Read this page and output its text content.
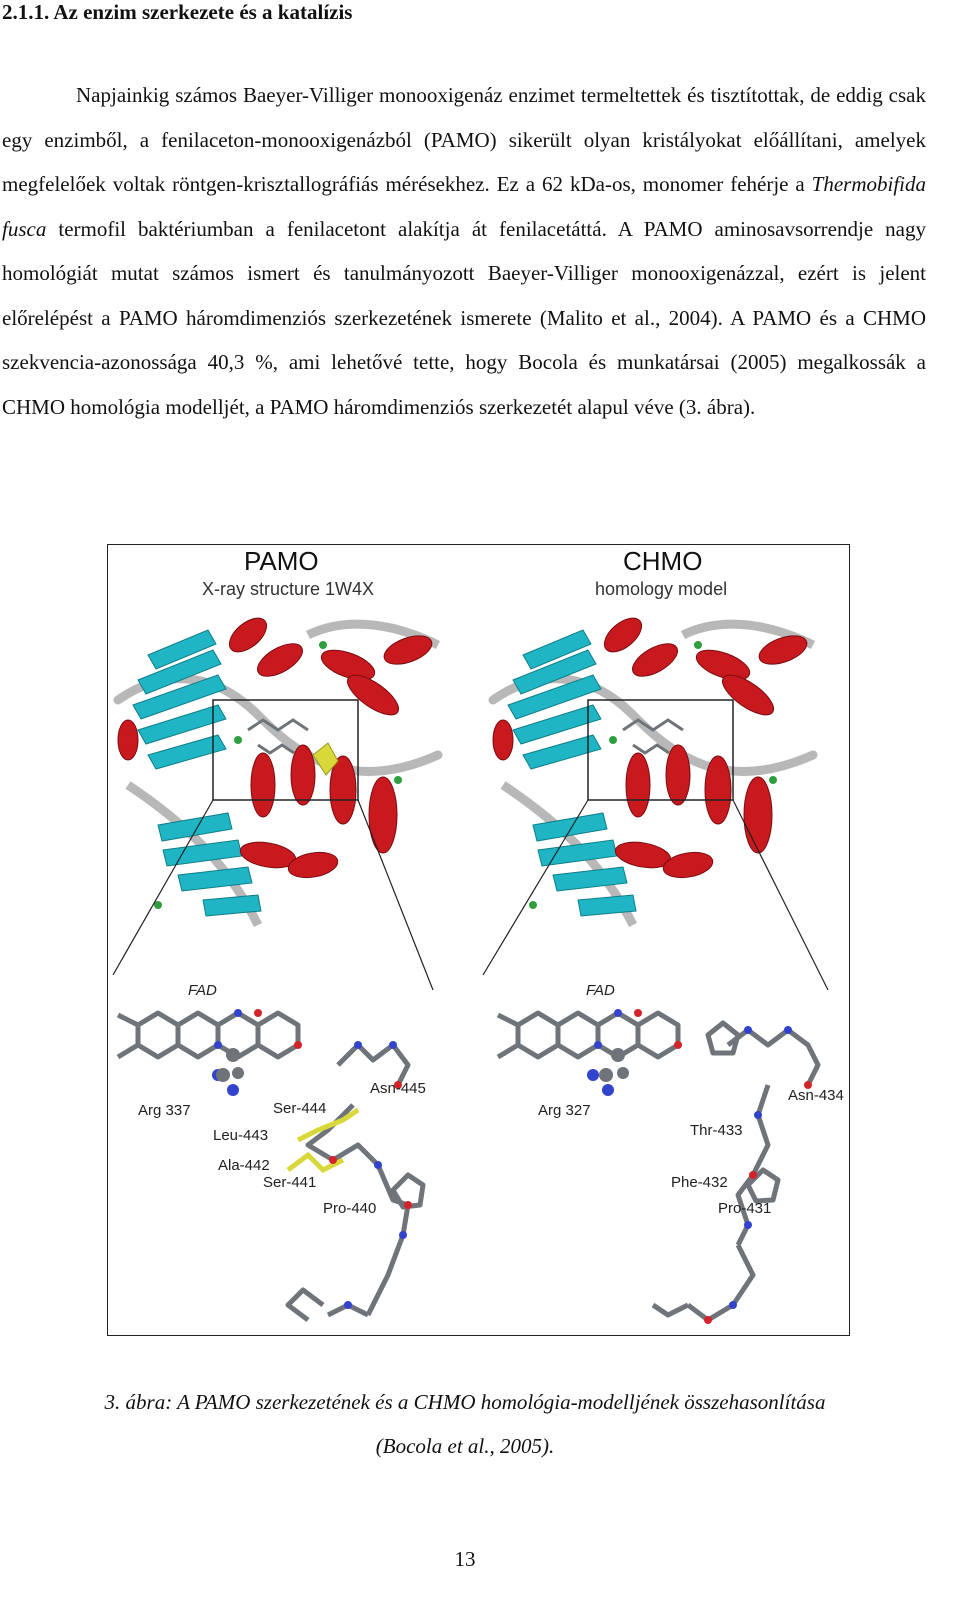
2.1.1. Az enzim szerkezete és a katalízis

Napjainkig számos Baeyer-Villiger monooxigenáz enzimet termeltettek és tisztítottak, de eddig csak egy enzimből, a fenilaceton-monooxigenázból (PAMO) sikerült olyan kristályokat előállítani, amelyek megfelelőek voltak röntgen-krisztallográfiás mérésekhez. Ez a 62 kDa-os, monomer fehérje a Thermobifida fusca termofil baktériumban a fenilacetont alakítja át fenilacetáttá. A PAMO aminosavsorrendje nagy homológiát mutat számos ismert és tanulmányozott Baeyer-Villiger monooxigenázzal, ezért is jelent előrelépést a PAMO háromdimenziós szerkezetének ismerete (Malito et al., 2004). A PAMO és a CHMO szekvencia-azonossága 40,3 %, ami lehetővé tette, hogy Bocola és munkatársai (2005) megalkossák a CHMO homológia modelljét, a PAMO háromdimenziós szerkezetét alapul véve (3. ábra).

PAMO
X-ray structure 1W4X
CHMO
homology model
FAD
Arg 337	Ser-444
Asn-445
Leu-443
Ala-442
Ser-441
Pro-440
FAD
Arg 327
Asn-434
Thr-433
Phe-432
Pro-431
3. ábra: A PAMO szerkezetének és a CHMO homológia-modelljének összehasonlítása
(Bocola et al., 2005).
13
